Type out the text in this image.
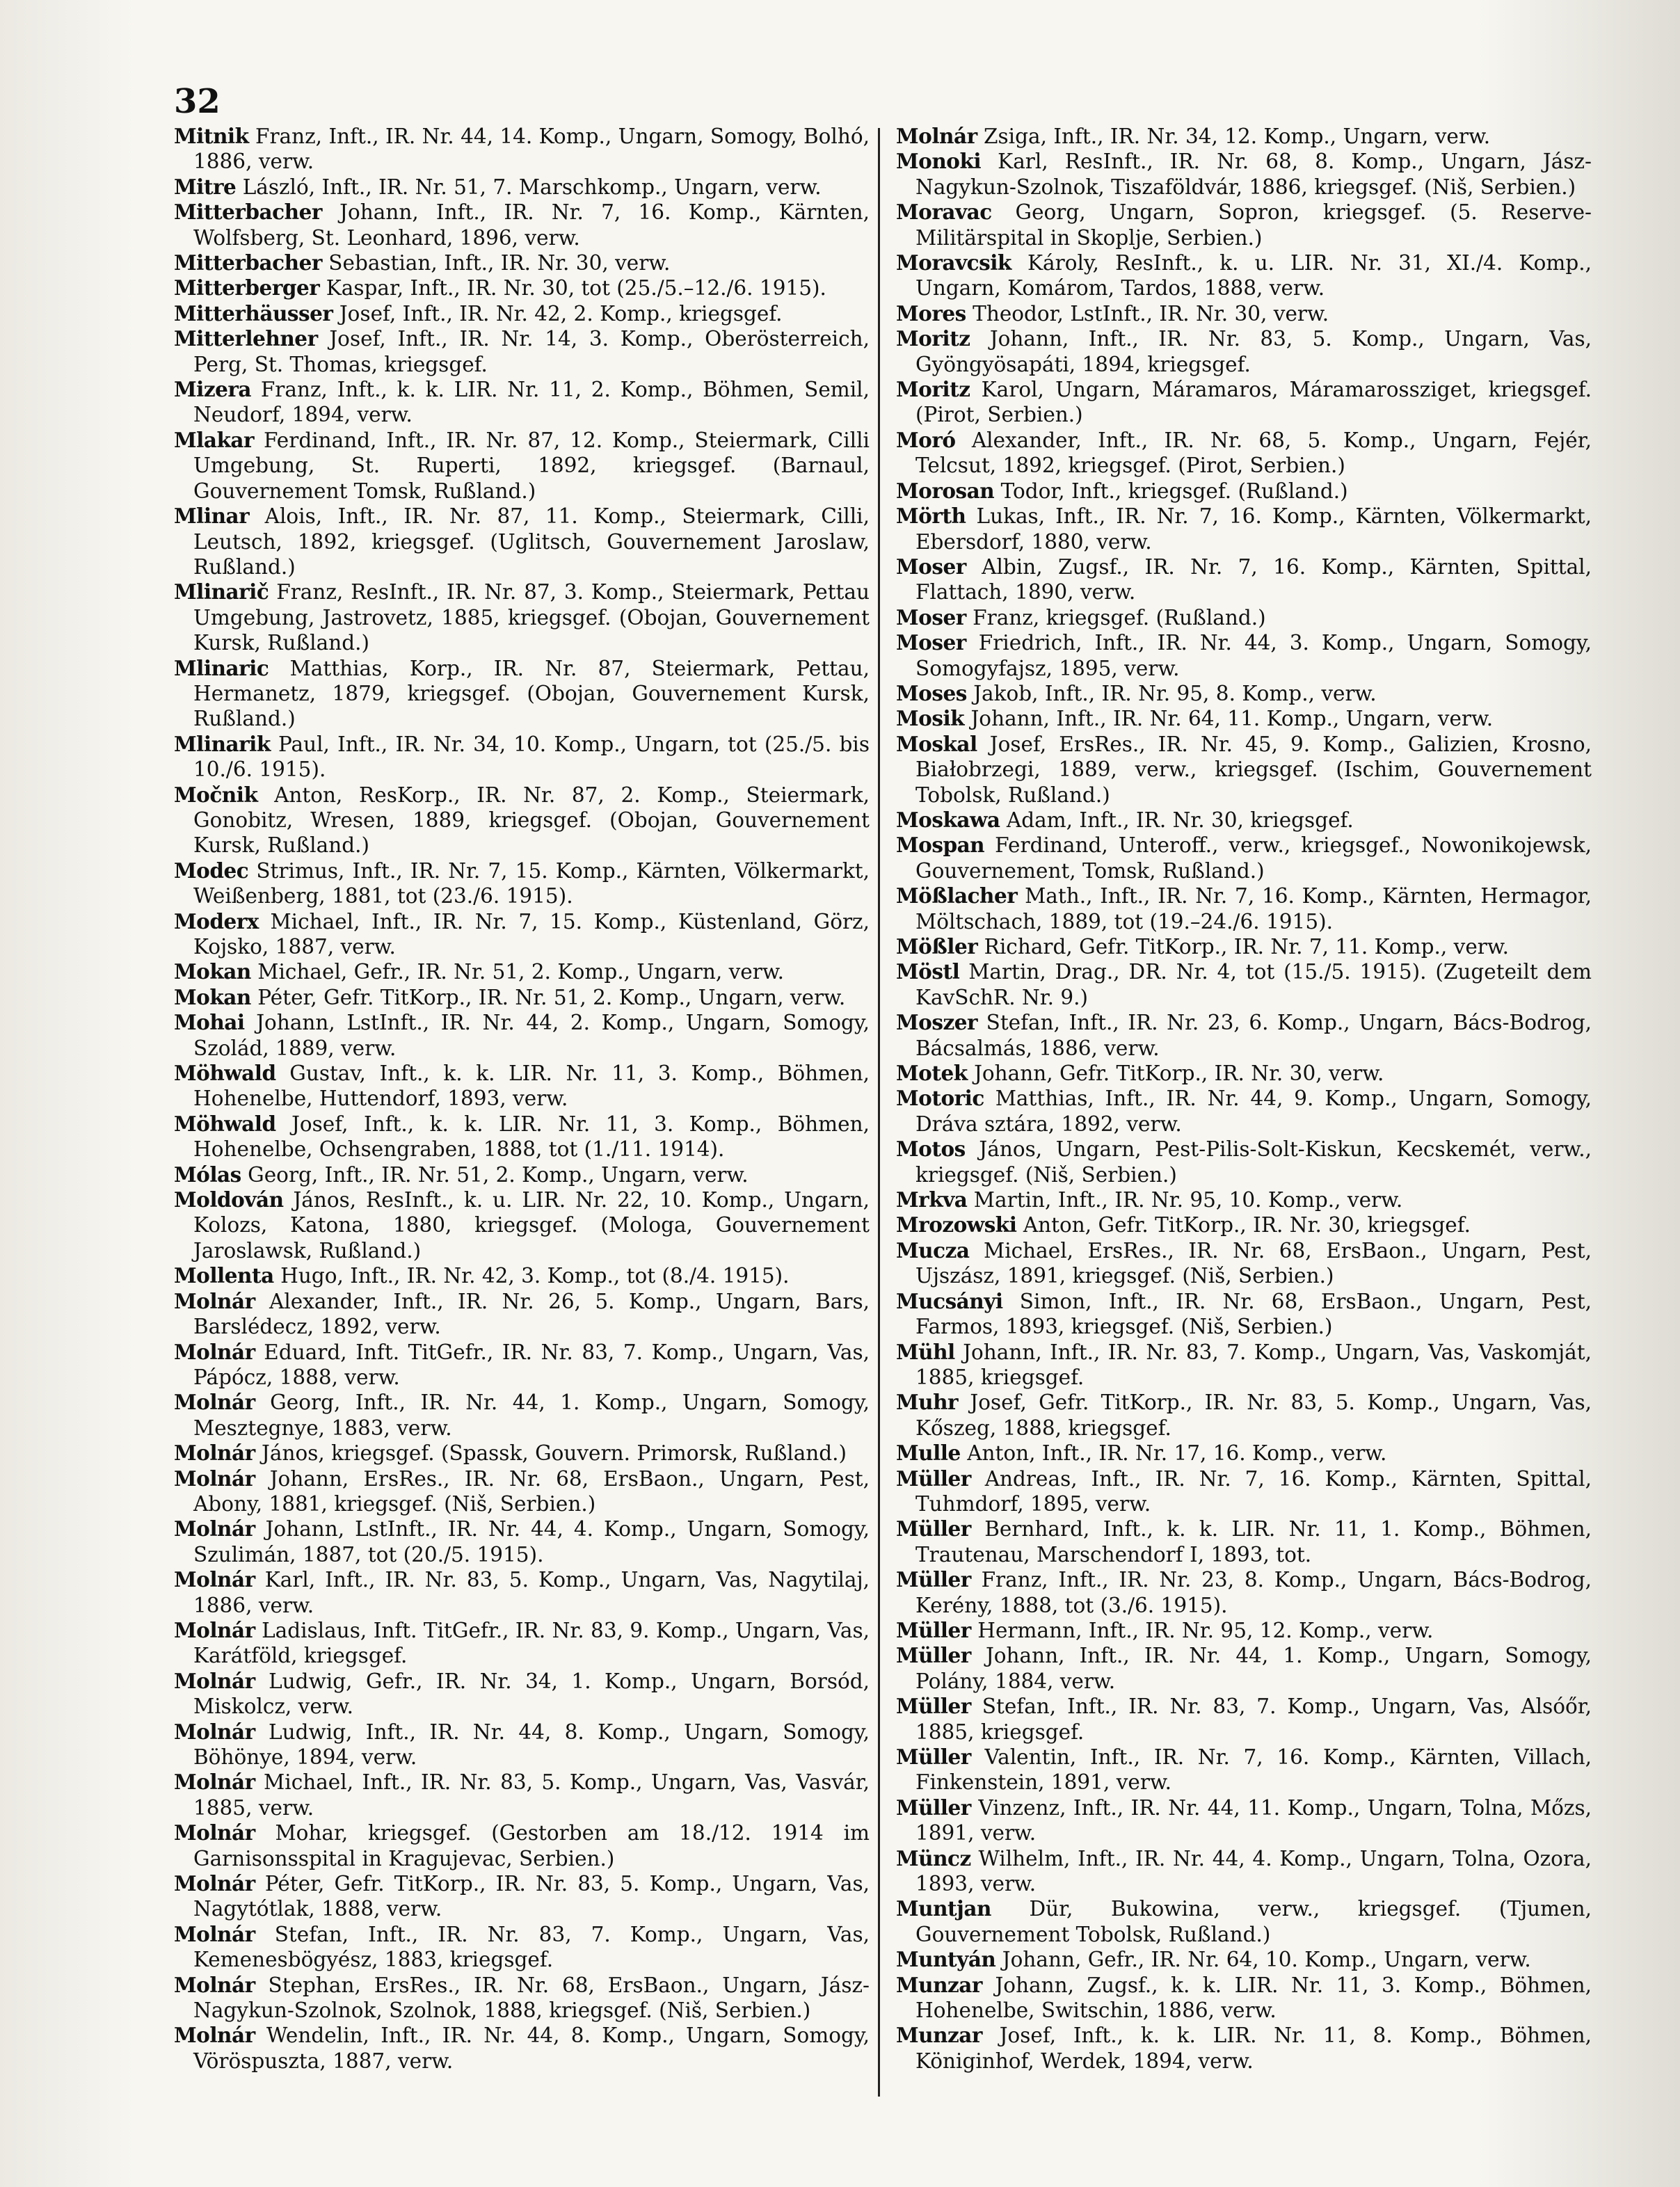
32

Mitnik Franz, Inft., IR. Nr. 44, 14. Komp., Ungarn, Somogy, Bolhó, 1886, verw.

Mitre László, Inft., IR. Nr. 51, 7. Marschkomp., Ungarn, verw.

Mitterbacher Johann, Inft., IR. Nr. 7, 16. Komp., Kärnten, Wolfsberg, St. Leonhard, 1896, verw.

Mitterbacher Sebastian, Inft., IR. Nr. 30, verw.

Mitterberger Kaspar, Inft., IR. Nr. 30, tot (25./5.–12./6. 1915).

Mitterhäusser Josef, Inft., IR. Nr. 42, 2. Komp., kriegsgef.

Mitterlehner Josef, Inft., IR. Nr. 14, 3. Komp., Oberösterreich, Perg, St. Thomas, kriegsgef.

Mizera Franz, Inft., k. k. LIR. Nr. 11, 2. Komp., Böhmen, Semil, Neudorf, 1894, verw.

Mlakar Ferdinand, Inft., IR. Nr. 87, 12. Komp., Steiermark, Cilli Umgebung, St. Ruperti, 1892, kriegsgef. (Barnaul, Gouvernement Tomsk, Rußland.)

Mlinar Alois, Inft., IR. Nr. 87, 11. Komp., Steiermark, Cilli, Leutsch, 1892, kriegsgef. (Uglitsch, Gouvernement Jaroslaw, Rußland.)

Mlinarič Franz, ResInft., IR. Nr. 87, 3. Komp., Steiermark, Pettau Umgebung, Jastrovetz, 1885, kriegsgef. (Obojan, Gouvernement Kursk, Rußland.)

Mlinaric Matthias, Korp., IR. Nr. 87, Steiermark, Pettau, Hermanetz, 1879, kriegsgef. (Obojan, Gouvernement Kursk, Rußland.)

Mlinarik Paul, Inft., IR. Nr. 34, 10. Komp., Ungarn, tot (25./5. bis 10./6. 1915).

Močnik Anton, ResKorp., IR. Nr. 87, 2. Komp., Steiermark, Gonobitz, Wresen, 1889, kriegsgef. (Obojan, Gouvernement Kursk, Rußland.)

Modec Strimus, Inft., IR. Nr. 7, 15. Komp., Kärnten, Völkermarkt, Weißenberg, 1881, tot (23./6. 1915).

Moderx Michael, Inft., IR. Nr. 7, 15. Komp., Küstenland, Görz, Kojsko, 1887, verw.

Mokan Michael, Gefr., IR. Nr. 51, 2. Komp., Ungarn, verw.

Mokan Péter, Gefr. TitKorp., IR. Nr. 51, 2. Komp., Ungarn, verw.

Mohai Johann, LstInft., IR. Nr. 44, 2. Komp., Ungarn, Somogy, Szolád, 1889, verw.

Möhwald Gustav, Inft., k. k. LIR. Nr. 11, 3. Komp., Böhmen, Hohenelbe, Huttendorf, 1893, verw.

Möhwald Josef, Inft., k. k. LIR. Nr. 11, 3. Komp., Böhmen, Hohenelbe, Ochsengraben, 1888, tot (1./11. 1914).

Mólas Georg, Inft., IR. Nr. 51, 2. Komp., Ungarn, verw.

Moldován János, ResInft., k. u. LIR. Nr. 22, 10. Komp., Ungarn, Kolozs, Katona, 1880, kriegsgef. (Mologa, Gouvernement Jaroslawsk, Rußland.)

Mollenta Hugo, Inft., IR. Nr. 42, 3. Komp., tot (8./4. 1915).

Molnár Alexander, Inft., IR. Nr. 26, 5. Komp., Ungarn, Bars, Barslédecz, 1892, verw.

Molnár Eduard, Inft. TitGefr., IR. Nr. 83, 7. Komp., Ungarn, Vas, Pápócz, 1888, verw.

Molnár Georg, Inft., IR. Nr. 44, 1. Komp., Ungarn, Somogy, Mesztegnye, 1883, verw.

Molnár János, kriegsgef. (Spassk, Gouvern. Primorsk, Rußland.)

Molnár Johann, ErsRes., IR. Nr. 68, ErsBaon., Ungarn, Pest, Abony, 1881, kriegsgef. (Niš, Serbien.)

Molnár Johann, LstInft., IR. Nr. 44, 4. Komp., Ungarn, Somogy, Szulimán, 1887, tot (20./5. 1915).

Molnár Karl, Inft., IR. Nr. 83, 5. Komp., Ungarn, Vas, Nagytilaj, 1886, verw.

Molnár Ladislaus, Inft. TitGefr., IR. Nr. 83, 9. Komp., Ungarn, Vas, Karátföld, kriegsgef.

Molnár Ludwig, Gefr., IR. Nr. 34, 1. Komp., Ungarn, Borsód, Miskolcz, verw.

Molnár Ludwig, Inft., IR. Nr. 44, 8. Komp., Ungarn, Somogy, Böhönye, 1894, verw.

Molnár Michael, Inft., IR. Nr. 83, 5. Komp., Ungarn, Vas, Vasvár, 1885, verw.

Molnár Mohar, kriegsgef. (Gestorben am 18./12. 1914 im Garnisonsspital in Kragujevac, Serbien.)

Molnár Péter, Gefr. TitKorp., IR. Nr. 83, 5. Komp., Ungarn, Vas, Nagytótlak, 1888, verw.

Molnár Stefan, Inft., IR. Nr. 83, 7. Komp., Ungarn, Vas, Kemenesbögyész, 1883, kriegsgef.

Molnár Stephan, ErsRes., IR. Nr. 68, ErsBaon., Ungarn, Jász-Nagykun-Szolnok, Szolnok, 1888, kriegsgef. (Niš, Serbien.)

Molnár Wendelin, Inft., IR. Nr. 44, 8. Komp., Ungarn, Somogy, Vöröspuszta, 1887, verw.

Molnár Zsiga, Inft., IR. Nr. 34, 12. Komp., Ungarn, verw.

Monoki Karl, ResInft., IR. Nr. 68, 8. Komp., Ungarn, Jász-Nagykun-Szolnok, Tiszaföldvár, 1886, kriegsgef. (Niš, Serbien.)

Moravac Georg, Ungarn, Sopron, kriegsgef. (5. Reserve-Militärspital in Skoplje, Serbien.)

Moravcsik Károly, ResInft., k. u. LIR. Nr. 31, XI./4. Komp., Ungarn, Komárom, Tardos, 1888, verw.

Mores Theodor, LstInft., IR. Nr. 30, verw.

Moritz Johann, Inft., IR. Nr. 83, 5. Komp., Ungarn, Vas, Gyöngyösapáti, 1894, kriegsgef.

Moritz Karol, Ungarn, Máramaros, Máramarossziget, kriegsgef. (Pirot, Serbien.)

Moró Alexander, Inft., IR. Nr. 68, 5. Komp., Ungarn, Fejér, Telcsut, 1892, kriegsgef. (Pirot, Serbien.)

Morosan Todor, Inft., kriegsgef. (Rußland.)

Mörth Lukas, Inft., IR. Nr. 7, 16. Komp., Kärnten, Völkermarkt, Ebersdorf, 1880, verw.

Moser Albin, Zugsf., IR. Nr. 7, 16. Komp., Kärnten, Spittal, Flattach, 1890, verw.

Moser Franz, kriegsgef. (Rußland.)

Moser Friedrich, Inft., IR. Nr. 44, 3. Komp., Ungarn, Somogy, Somogyfajsz, 1895, verw.

Moses Jakob, Inft., IR. Nr. 95, 8. Komp., verw.

Mosik Johann, Inft., IR. Nr. 64, 11. Komp., Ungarn, verw.

Moskal Josef, ErsRes., IR. Nr. 45, 9. Komp., Galizien, Krosno, Białobrzegi, 1889, verw., kriegsgef. (Ischim, Gouvernement Tobolsk, Rußland.)

Moskawa Adam, Inft., IR. Nr. 30, kriegsgef.

Mospan Ferdinand, Unteroff., verw., kriegsgef., Nowonikojewsk, Gouvernement, Tomsk, Rußland.)

Mößlacher Math., Inft., IR. Nr. 7, 16. Komp., Kärnten, Hermagor, Möltschach, 1889, tot (19.–24./6. 1915).

Mößler Richard, Gefr. TitKorp., IR. Nr. 7, 11. Komp., verw.

Möstl Martin, Drag., DR. Nr. 4, tot (15./5. 1915). (Zugeteilt dem KavSchR. Nr. 9.)

Moszer Stefan, Inft., IR. Nr. 23, 6. Komp., Ungarn, Bács-Bodrog, Bácsalmás, 1886, verw.

Motek Johann, Gefr. TitKorp., IR. Nr. 30, verw.

Motoric Matthias, Inft., IR. Nr. 44, 9. Komp., Ungarn, Somogy, Dráva sztára, 1892, verw.

Motos János, Ungarn, Pest-Pilis-Solt-Kiskun, Kecskemét, verw., kriegsgef. (Niš, Serbien.)

Mrkva Martin, Inft., IR. Nr. 95, 10. Komp., verw.

Mrozowski Anton, Gefr. TitKorp., IR. Nr. 30, kriegsgef.

Mucza Michael, ErsRes., IR. Nr. 68, ErsBaon., Ungarn, Pest, Ujszász, 1891, kriegsgef. (Niš, Serbien.)

Mucsányi Simon, Inft., IR. Nr. 68, ErsBaon., Ungarn, Pest, Farmos, 1893, kriegsgef. (Niš, Serbien.)

Mühl Johann, Inft., IR. Nr. 83, 7. Komp., Ungarn, Vas, Vaskomját, 1885, kriegsgef.

Muhr Josef, Gefr. TitKorp., IR. Nr. 83, 5. Komp., Ungarn, Vas, Kőszeg, 1888, kriegsgef.

Mulle Anton, Inft., IR. Nr. 17, 16. Komp., verw.

Müller Andreas, Inft., IR. Nr. 7, 16. Komp., Kärnten, Spittal, Tuhmdorf, 1895, verw.

Müller Bernhard, Inft., k. k. LIR. Nr. 11, 1. Komp., Böhmen, Trautenau, Marschendorf I, 1893, tot.

Müller Franz, Inft., IR. Nr. 23, 8. Komp., Ungarn, Bács-Bodrog, Kerény, 1888, tot (3./6. 1915).

Müller Hermann, Inft., IR. Nr. 95, 12. Komp., verw.

Müller Johann, Inft., IR. Nr. 44, 1. Komp., Ungarn, Somogy, Polány, 1884, verw.

Müller Stefan, Inft., IR. Nr. 83, 7. Komp., Ungarn, Vas, Alsóőr, 1885, kriegsgef.

Müller Valentin, Inft., IR. Nr. 7, 16. Komp., Kärnten, Villach, Finkenstein, 1891, verw.

Müller Vinzenz, Inft., IR. Nr. 44, 11. Komp., Ungarn, Tolna, Mőzs, 1891, verw.

Müncz Wilhelm, Inft., IR. Nr. 44, 4. Komp., Ungarn, Tolna, Ozora, 1893, verw.

Muntjan Dür, Bukowina, verw., kriegsgef. (Tjumen, Gouvernement Tobolsk, Rußland.)

Muntyán Johann, Gefr., IR. Nr. 64, 10. Komp., Ungarn, verw.

Munzar Johann, Zugsf., k. k. LIR. Nr. 11, 3. Komp., Böhmen, Hohenelbe, Switschin, 1886, verw.

Munzar Josef, Inft., k. k. LIR. Nr. 11, 8. Komp., Böhmen, Königinhof, Werdek, 1894, verw.
